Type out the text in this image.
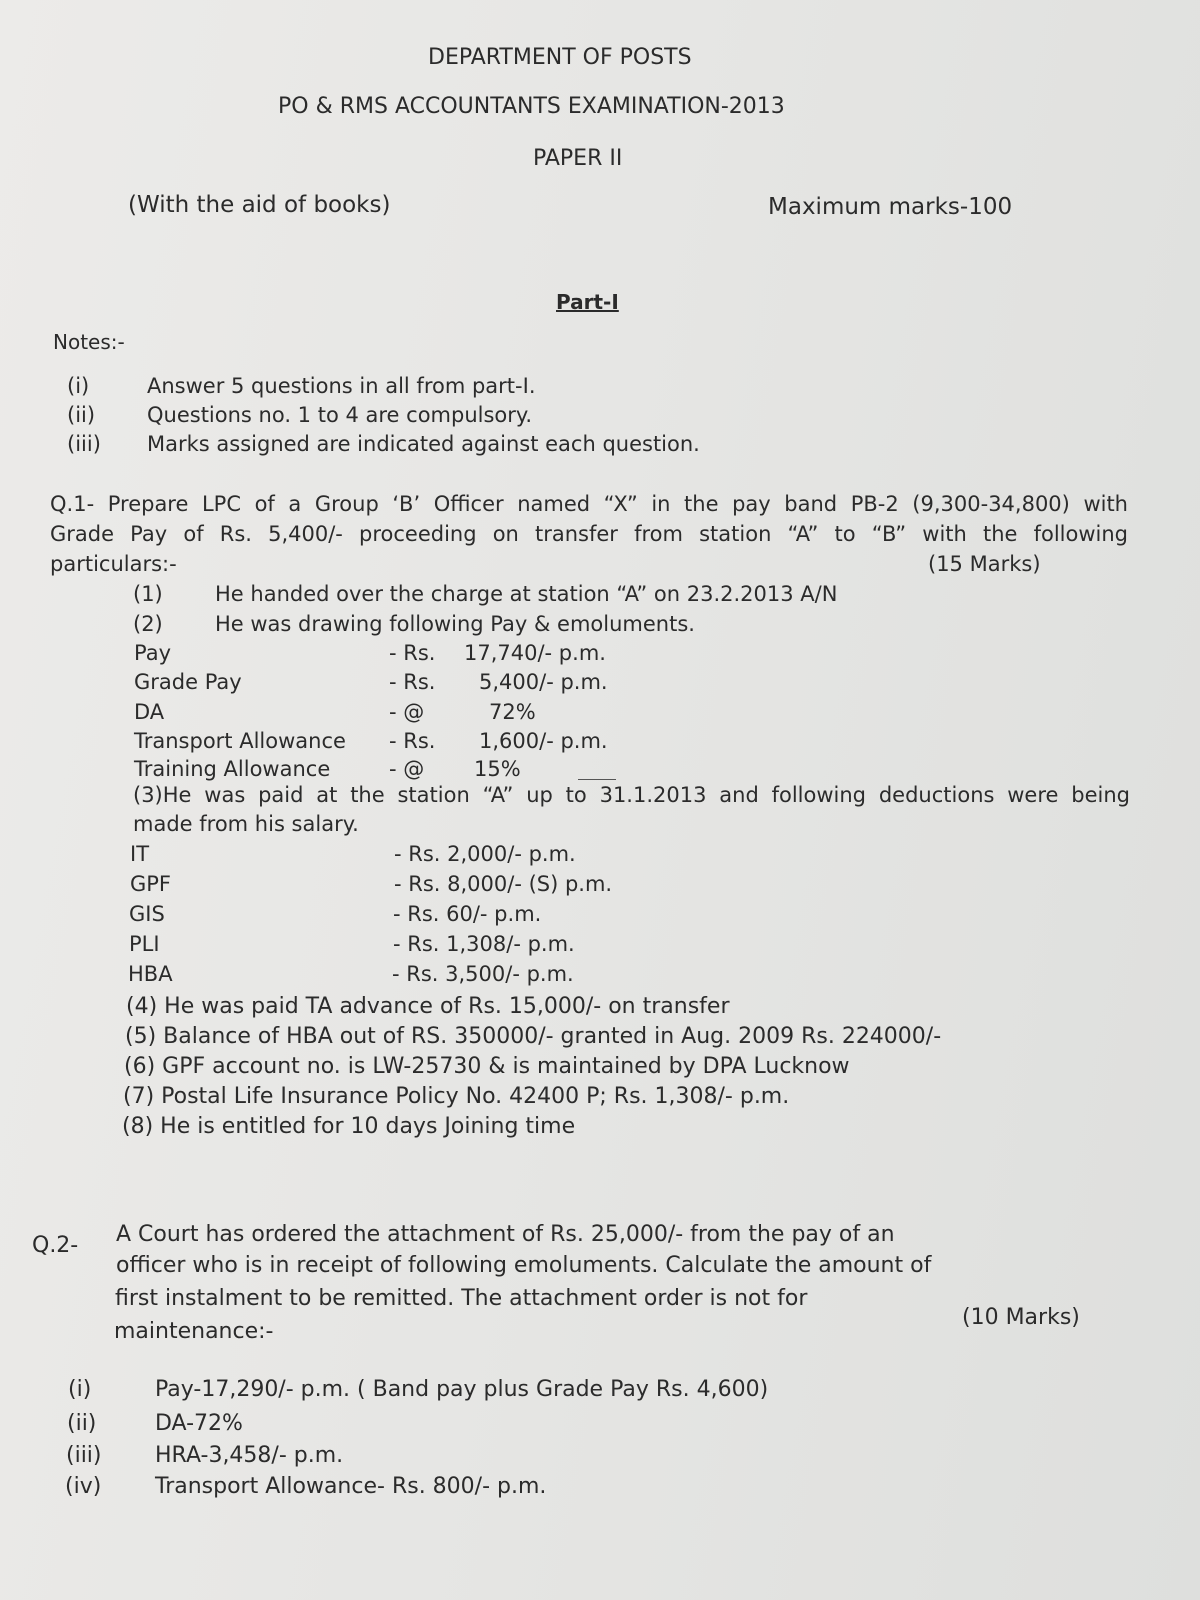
DEPARTMENT OF POSTS
PO & RMS ACCOUNTANTS EXAMINATION-2013
PAPER II
(With the aid of books)	Maximum marks-100
Part-I
Notes:-
(i)	Answer 5 questions in all from part-I.
(ii) Questions no. 1 to 4 are compulsory.
(iii) Marks assigned are indicated against each question.
Q.1- Prepare LPC of a Group ‘B’ Officer named “X” in the pay band PB-2 (9,300-34,800) with
Grade Pay of Rs. 5,400/- proceeding on transfer from station “A” to “B” with the following
particulars:-	(15 Marks)
(1) He handed over the charge at station “A” on 23.2.2013 A/N
(2) He was drawing following Pay & emoluments.
Pay	- Rs. 17,740/- p.m.
Grade Pay	- Rs. 5,400/- p.m.
DA	- @	72%
Transport Allowance - Rs. 1,600/- p.m.
Training Allowance	- @ 15%
(3)He was paid at the station “A” up to 31.1.2013 and following deductions were being
made from his salary.
IT	- Rs. 2,000/- p.m.
GPF	- Rs. 8,000/- (S) p.m.
GIS	- Rs. 60/- p.m.
PLI	- Rs. 1,308/- p.m.
HBA	- Rs. 3,500/- p.m.
(4) He was paid TA advance of Rs. 15,000/- on transfer
(5) Balance of HBA out of RS. 350000/- granted in Aug. 2009 Rs. 224000/-
(6) GPF account no. is LW-25730 & is maintained by DPA Lucknow
(7) Postal Life Insurance Policy No. 42400 P; Rs. 1,308/- p.m.
(8) He is entitled for 10 days Joining time
Q.2- A Court has ordered the attachment of Rs. 25,000/- from the pay of an
officer who is in receipt of following emoluments. Calculate the amount of
first instalment to be remitted. The attachment order is not for
maintenance:-
(10 Marks)
(i)	Pay-17,290/- p.m. ( Band pay plus Grade Pay Rs. 4,600)
(ii)	DA-72%
(iii) HRA-3,458/- p.m.
(iv) Transport Allowance- Rs. 800/- p.m.
